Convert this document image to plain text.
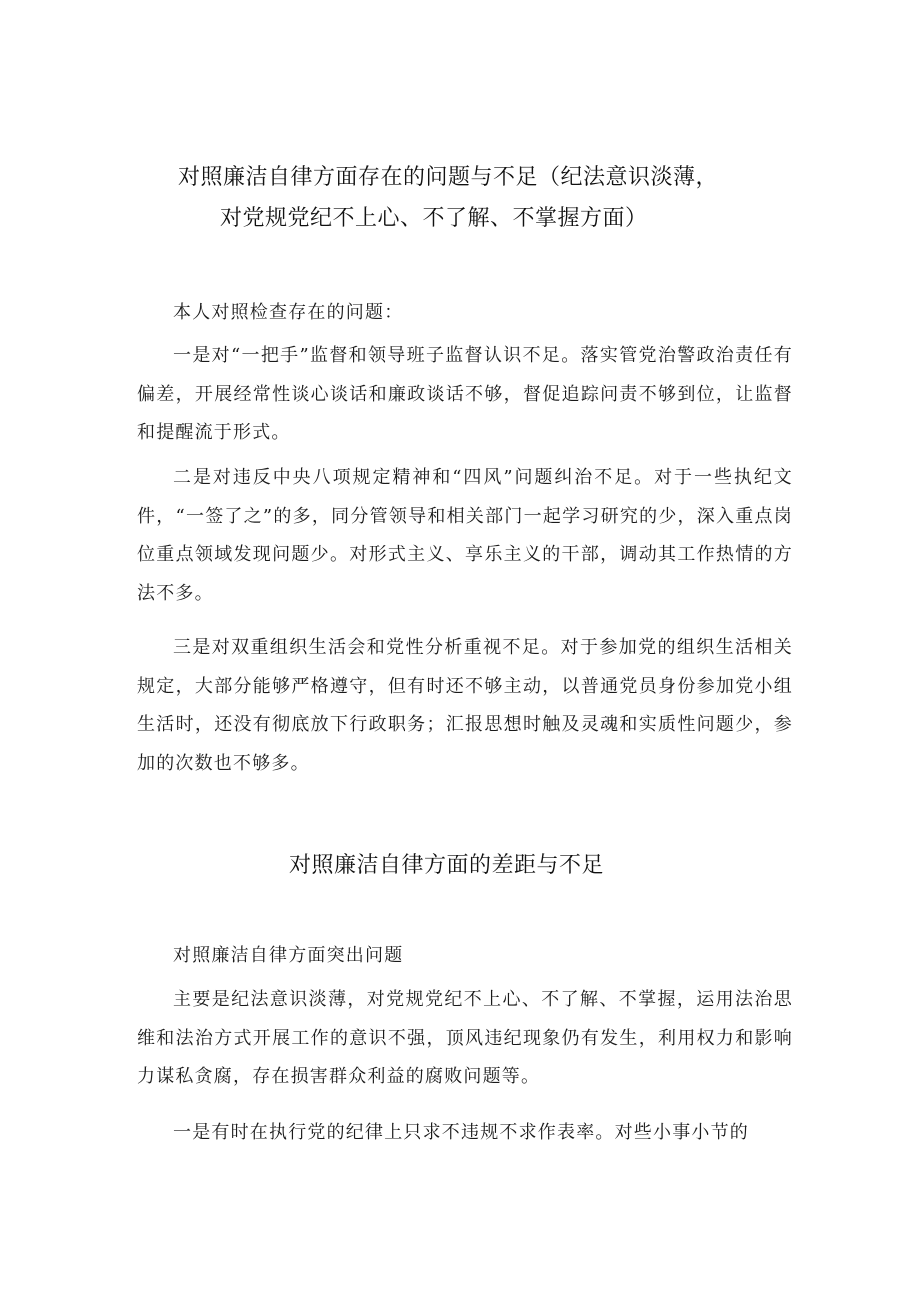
对照廉洁自律方面存在的问题与不足（纪法意识淡薄，
对党规党纪不上心、不了解、不掌握方面）

本人对照检查存在的问题：

一是对“一把手”监督和领导班子监督认识不足。落实管党治警政治责任有偏差，开展经常性谈心谈话和廉政谈话不够，督促追踪问责不够到位，让监督和提醒流于形式。

二是对违反中央八项规定精神和“四风”问题纠治不足。对于一些执纪文件，“一签了之”的多，同分管领导和相关部门一起学习研究的少，深入重点岗位重点领域发现问题少。对形式主义、享乐主义的干部，调动其工作热情的方法不多。

三是对双重组织生活会和党性分析重视不足。对于参加党的组织生活相关规定，大部分能够严格遵守，但有时还不够主动，以普通党员身份参加党小组生活时，还没有彻底放下行政职务；汇报思想时触及灵魂和实质性问题少，参加的次数也不够多。

对照廉洁自律方面的差距与不足

对照廉洁自律方面突出问题

主要是纪法意识淡薄，对党规党纪不上心、不了解、不掌握，运用法治思维和法治方式开展工作的意识不强，顶风违纪现象仍有发生，利用权力和影响力谋私贪腐，存在损害群众利益的腐败问题等。

一是有时在执行党的纪律上只求不违规不求作表率。对些小事小节的
